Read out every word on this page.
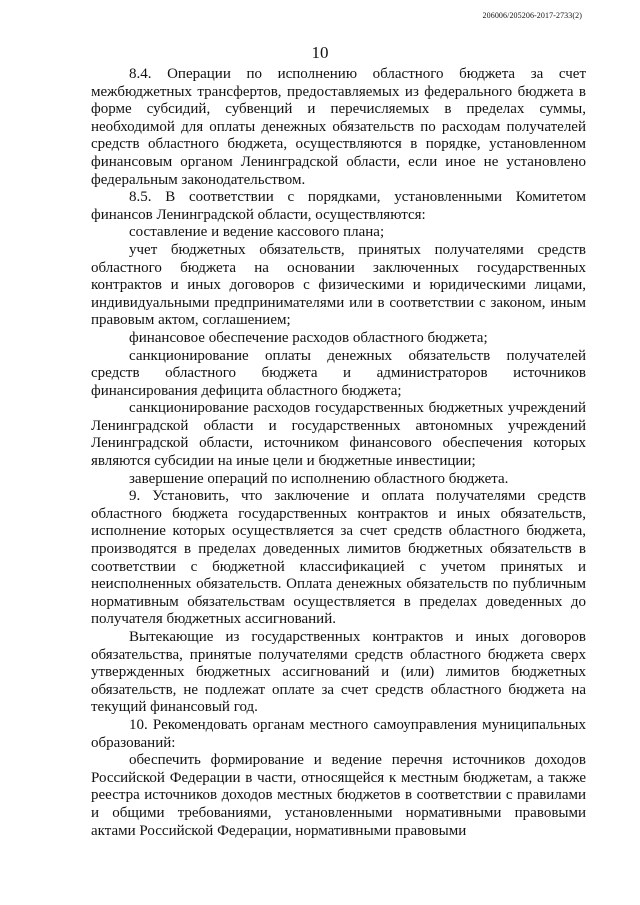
206006/205206-2017-2733(2)
10

8.4. Операции по исполнению областного бюджета за счет межбюджетных трансфертов, предоставляемых из федерального бюджета в форме субсидий, субвенций и перечисляемых в пределах суммы, необходимой для оплаты денежных обязательств по расходам получателей средств областного бюджета, осуществляются в порядке, установленном финансовым органом Ленинградской области, если иное не установлено федеральным законодательством.

8.5. В соответствии с порядками, установленными Комитетом финансов Ленинградской области, осуществляются:

составление и ведение кассового плана;

учет бюджетных обязательств, принятых получателями средств областного бюджета на основании заключенных государственных контрактов и иных договоров с физическими и юридическими лицами, индивидуальными предпринимателями или в соответствии с законом, иным правовым актом, соглашением;

финансовое обеспечение расходов областного бюджета;

санкционирование оплаты денежных обязательств получателей средств областного бюджета и администраторов источников финансирования дефицита областного бюджета;

санкционирование расходов государственных бюджетных учреждений Ленинградской области и государственных автономных учреждений Ленинградской области, источником финансового обеспечения которых являются субсидии на иные цели и бюджетные инвестиции;

завершение операций по исполнению областного бюджета.

9. Установить, что заключение и оплата получателями средств областного бюджета государственных контрактов и иных обязательств, исполнение которых осуществляется за счет средств областного бюджета, производятся в пределах доведенных лимитов бюджетных обязательств в соответствии с бюджетной классификацией с учетом принятых и неисполненных обязательств. Оплата денежных обязательств по публичным нормативным обязательствам осуществляется в пределах доведенных до получателя бюджетных ассигнований.

Вытекающие из государственных контрактов и иных договоров обязательства, принятые получателями средств областного бюджета сверх утвержденных бюджетных ассигнований и (или) лимитов бюджетных обязательств, не подлежат оплате за счет средств областного бюджета на текущий финансовый год.

10. Рекомендовать органам местного самоуправления муниципальных образований:

обеспечить формирование и ведение перечня источников доходов Российской Федерации в части, относящейся к местным бюджетам, а также реестра источников доходов местных бюджетов в соответствии с правилами и общими требованиями, установленными нормативными правовыми актами Российской Федерации, нормативными правовыми
